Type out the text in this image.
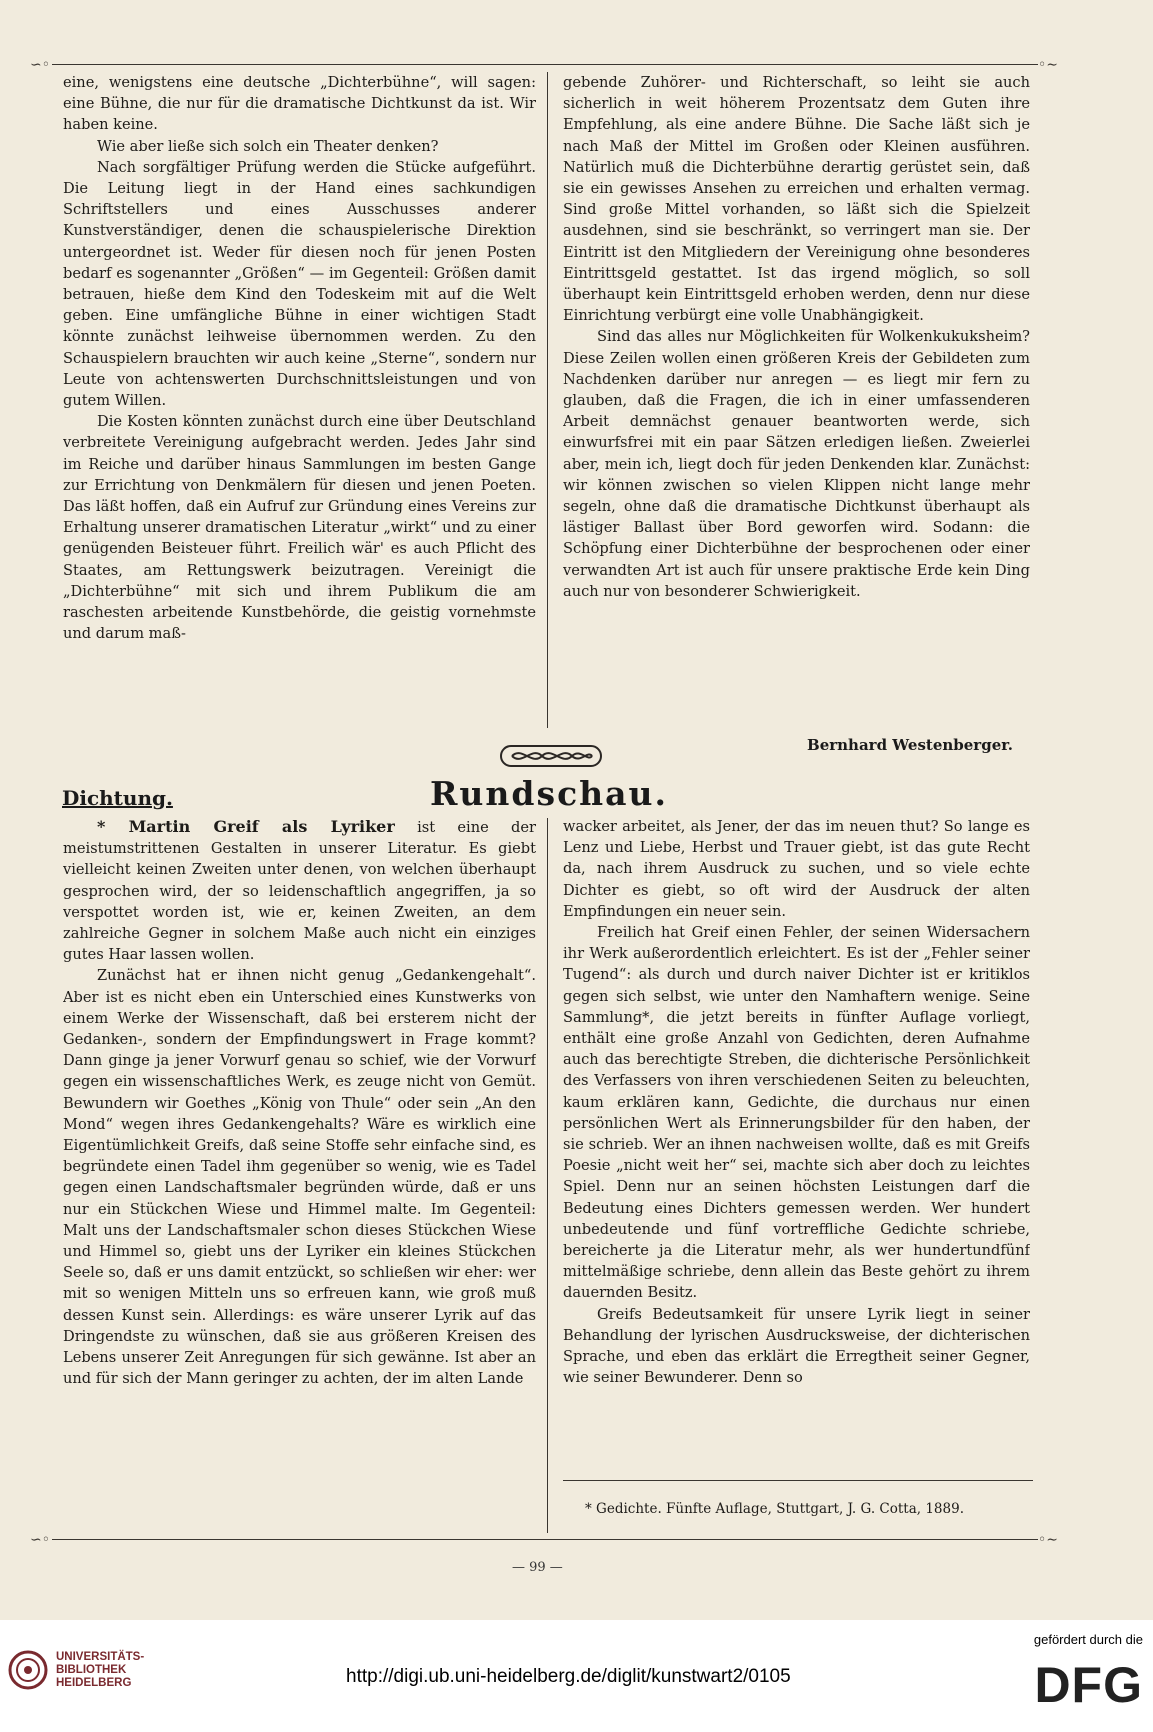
∽◦	◦∼

eine, wenigstens eine deutsche „Dichterbühne“, will sagen: eine Bühne, die nur für die dramatische Dichtkunst da ist. Wir haben keine.

Wie aber ließe sich solch ein Theater denken?

Nach sorgfältiger Prüfung werden die Stücke aufgeführt. Die Leitung liegt in der Hand eines sachkundigen Schriftstellers und eines Ausschusses anderer Kunstverständiger, denen die schauspielerische Direktion untergeordnet ist. Weder für diesen noch für jenen Posten bedarf es sogenannter „Größen“ — im Gegenteil: Größen damit betrauen, hieße dem Kind den Todeskeim mit auf die Welt geben. Eine umfängliche Bühne in einer wichtigen Stadt könnte zunächst leihweise übernommen werden. Zu den Schauspielern brauchten wir auch keine „Sterne“, sondern nur Leute von achtenswerten Durchschnittsleistungen und von gutem Willen.

Die Kosten könnten zunächst durch eine über Deutschland verbreitete Vereinigung aufgebracht werden. Jedes Jahr sind im Reiche und darüber hinaus Sammlungen im besten Gange zur Errichtung von Denkmälern für diesen und jenen Poeten. Das läßt hoffen, daß ein Aufruf zur Gründung eines Vereins zur Erhaltung unserer dramatischen Literatur „wirkt“ und zu einer genügenden Beisteuer führt. Freilich wär' es auch Pflicht des Staates, am Rettungswerk beizutragen. Vereinigt die „Dichterbühne“ mit sich und ihrem Publikum die am raschesten arbeitende Kunstbehörde, die geistig vornehmste und darum maß-

gebende Zuhörer- und Richterschaft, so leiht sie auch sicherlich in weit höherem Prozentsatz dem Guten ihre Empfehlung, als eine andere Bühne. Die Sache läßt sich je nach Maß der Mittel im Großen oder Kleinen ausführen. Natürlich muß die Dichterbühne derartig gerüstet sein, daß sie ein gewisses Ansehen zu erreichen und erhalten vermag. Sind große Mittel vorhanden, so läßt sich die Spielzeit ausdehnen, sind sie beschränkt, so verringert man sie. Der Eintritt ist den Mitgliedern der Vereinigung ohne besonderes Eintrittsgeld gestattet. Ist das irgend möglich, so soll überhaupt kein Eintrittsgeld erhoben werden, denn nur diese Einrichtung verbürgt eine volle Unabhängigkeit.

Sind das alles nur Möglichkeiten für Wolkenkukuksheim? Diese Zeilen wollen einen größeren Kreis der Gebildeten zum Nachdenken darüber nur anregen — es liegt mir fern zu glauben, daß die Fragen, die ich in einer umfassenderen Arbeit demnächst genauer beantworten werde, sich einwurfsfrei mit ein paar Sätzen erledigen ließen. Zweierlei aber, mein ich, liegt doch für jeden Denkenden klar. Zunächst: wir können zwischen so vielen Klippen nicht lange mehr segeln, ohne daß die dramatische Dichtkunst überhaupt als lästiger Ballast über Bord geworfen wird. Sodann: die Schöpfung einer Dichterbühne der besprochenen oder einer verwandten Art ist auch für unsere praktische Erde kein Ding auch nur von besonderer Schwierigkeit.

Bernhard Westenberger.
Dichtung.	Rundschau.

* Martin Greif als Lyriker ist eine der meistumstrittenen Gestalten in unserer Literatur. Es giebt vielleicht keinen Zweiten unter denen, von welchen überhaupt gesprochen wird, der so leidenschaftlich angegriffen, ja so verspottet worden ist, wie er, keinen Zweiten, an dem zahlreiche Gegner in solchem Maße auch nicht ein einziges gutes Haar lassen wollen.

Zunächst hat er ihnen nicht genug „Gedankengehalt“. Aber ist es nicht eben ein Unterschied eines Kunstwerks von einem Werke der Wissenschaft, daß bei ersterem nicht der Gedanken-, sondern der Empfindungswert in Frage kommt? Dann ginge ja jener Vorwurf genau so schief, wie der Vorwurf gegen ein wissenschaftliches Werk, es zeuge nicht von Gemüt. Bewundern wir Goethes „König von Thule“ oder sein „An den Mond“ wegen ihres Gedankengehalts? Wäre es wirklich eine Eigentümlichkeit Greifs, daß seine Stoffe sehr einfache sind, es begründete einen Tadel ihm gegenüber so wenig, wie es Tadel gegen einen Landschaftsmaler begründen würde, daß er uns nur ein Stückchen Wiese und Himmel malte. Im Gegenteil: Malt uns der Landschaftsmaler schon dieses Stückchen Wiese und Himmel so, giebt uns der Lyriker ein kleines Stückchen Seele so, daß er uns damit entzückt, so schließen wir eher: wer mit so wenigen Mitteln uns so erfreuen kann, wie groß muß dessen Kunst sein. Allerdings: es wäre unserer Lyrik auf das Dringendste zu wünschen, daß sie aus größeren Kreisen des Lebens unserer Zeit Anregungen für sich gewänne. Ist aber an und für sich der Mann geringer zu achten, der im alten Lande

wacker arbeitet, als Jener, der das im neuen thut? So lange es Lenz und Liebe, Herbst und Trauer giebt, ist das gute Recht da, nach ihrem Ausdruck zu suchen, und so viele echte Dichter es giebt, so oft wird der Ausdruck der alten Empfindungen ein neuer sein.

Freilich hat Greif einen Fehler, der seinen Widersachern ihr Werk außerordentlich erleichtert. Es ist der „Fehler seiner Tugend“: als durch und durch naiver Dichter ist er kritiklos gegen sich selbst, wie unter den Namhaftern wenige. Seine Sammlung*, die jetzt bereits in fünfter Auflage vorliegt, enthält eine große Anzahl von Gedichten, deren Aufnahme auch das berechtigte Streben, die dichterische Persönlichkeit des Verfassers von ihren verschiedenen Seiten zu beleuchten, kaum erklären kann, Gedichte, die durchaus nur einen persönlichen Wert als Erinnerungsbilder für den haben, der sie schrieb. Wer an ihnen nachweisen wollte, daß es mit Greifs Poesie „nicht weit her“ sei, machte sich aber doch zu leichtes Spiel. Denn nur an seinen höchsten Leistungen darf die Bedeutung eines Dichters gemessen werden. Wer hundert unbedeutende und fünf vortreffliche Gedichte schriebe, bereicherte ja die Literatur mehr, als wer hundertundfünf mittelmäßige schriebe, denn allein das Beste gehört zu ihrem dauernden Besitz.

Greifs Bedeutsamkeit für unsere Lyrik liegt in seiner Behandlung der lyrischen Ausdrucksweise, der dichterischen Sprache, und eben das erklärt die Erregtheit seiner Gegner, wie seiner Bewunderer. Denn so

* Gedichte. Fünfte Auflage, Stuttgart, J. G. Cotta, 1889.
∽◦	◦∼
— 99 —
UNIVERSITÄTS-
BIBLIOTHEK
HEIDELBERG	http://digi.ub.uni-heidelberg.de/diglit/kunstwart2/0105
gefördert durch die
DFG
